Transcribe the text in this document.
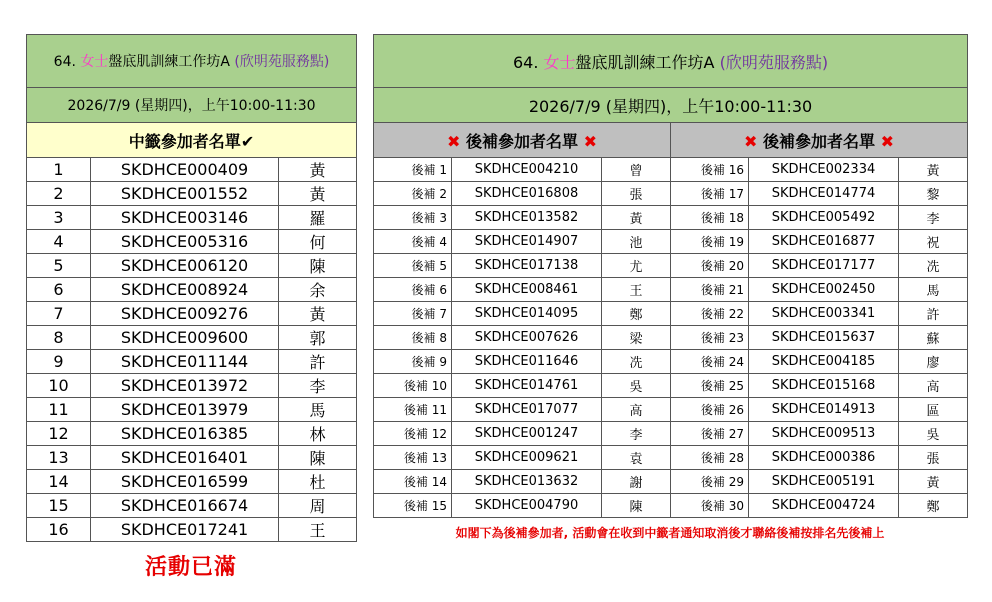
64. 女士盤底肌訓練工作坊A (欣明苑服務點)		
2026/7/9 (星期四)，上午10:00-11:30		
中籤參加者名單✔		
1	SKDHCE000409	黃
2	SKDHCE001552	黃
3	SKDHCE003146	羅
4	SKDHCE005316	何
5	SKDHCE006120	陳
6	SKDHCE008924	余
7	SKDHCE009276	黃
8	SKDHCE009600	郭
9	SKDHCE011144	許
10	SKDHCE013972	李
11	SKDHCE013979	馬
12	SKDHCE016385	林
13	SKDHCE016401	陳
14	SKDHCE016599	杜
15	SKDHCE016674	周
16	SKDHCE017241	王
64. 女士盤底肌訓練工作坊A (欣明苑服務點)					
2026/7/9 (星期四)，上午10:00-11:30					
✖ 後補參加者名單 ✖			✖ 後補參加者名單 ✖		
後補 1	SKDHCE004210	曾	後補 16	SKDHCE002334	黃
後補 2	SKDHCE016808	張	後補 17	SKDHCE014774	黎
後補 3	SKDHCE013582	黃	後補 18	SKDHCE005492	李
後補 4	SKDHCE014907	池	後補 19	SKDHCE016877	祝
後補 5	SKDHCE017138	尤	後補 20	SKDHCE017177	冼
後補 6	SKDHCE008461	王	後補 21	SKDHCE002450	馬
後補 7	SKDHCE014095	鄭	後補 22	SKDHCE003341	許
後補 8	SKDHCE007626	梁	後補 23	SKDHCE015637	蘇
後補 9	SKDHCE011646	冼	後補 24	SKDHCE004185	廖
後補 10	SKDHCE014761	吳	後補 25	SKDHCE015168	高
後補 11	SKDHCE017077	高	後補 26	SKDHCE014913	區
後補 12	SKDHCE001247	李	後補 27	SKDHCE009513	吳
後補 13	SKDHCE009621	袁	後補 28	SKDHCE000386	張
後補 14	SKDHCE013632	謝	後補 29	SKDHCE005191	黃
後補 15	SKDHCE004790	陳	後補 30	SKDHCE004724	鄭
如閣下為後補參加者, 活動會在收到中籤者通知取消後才聯絡後補按排名先後補上
活動已滿
